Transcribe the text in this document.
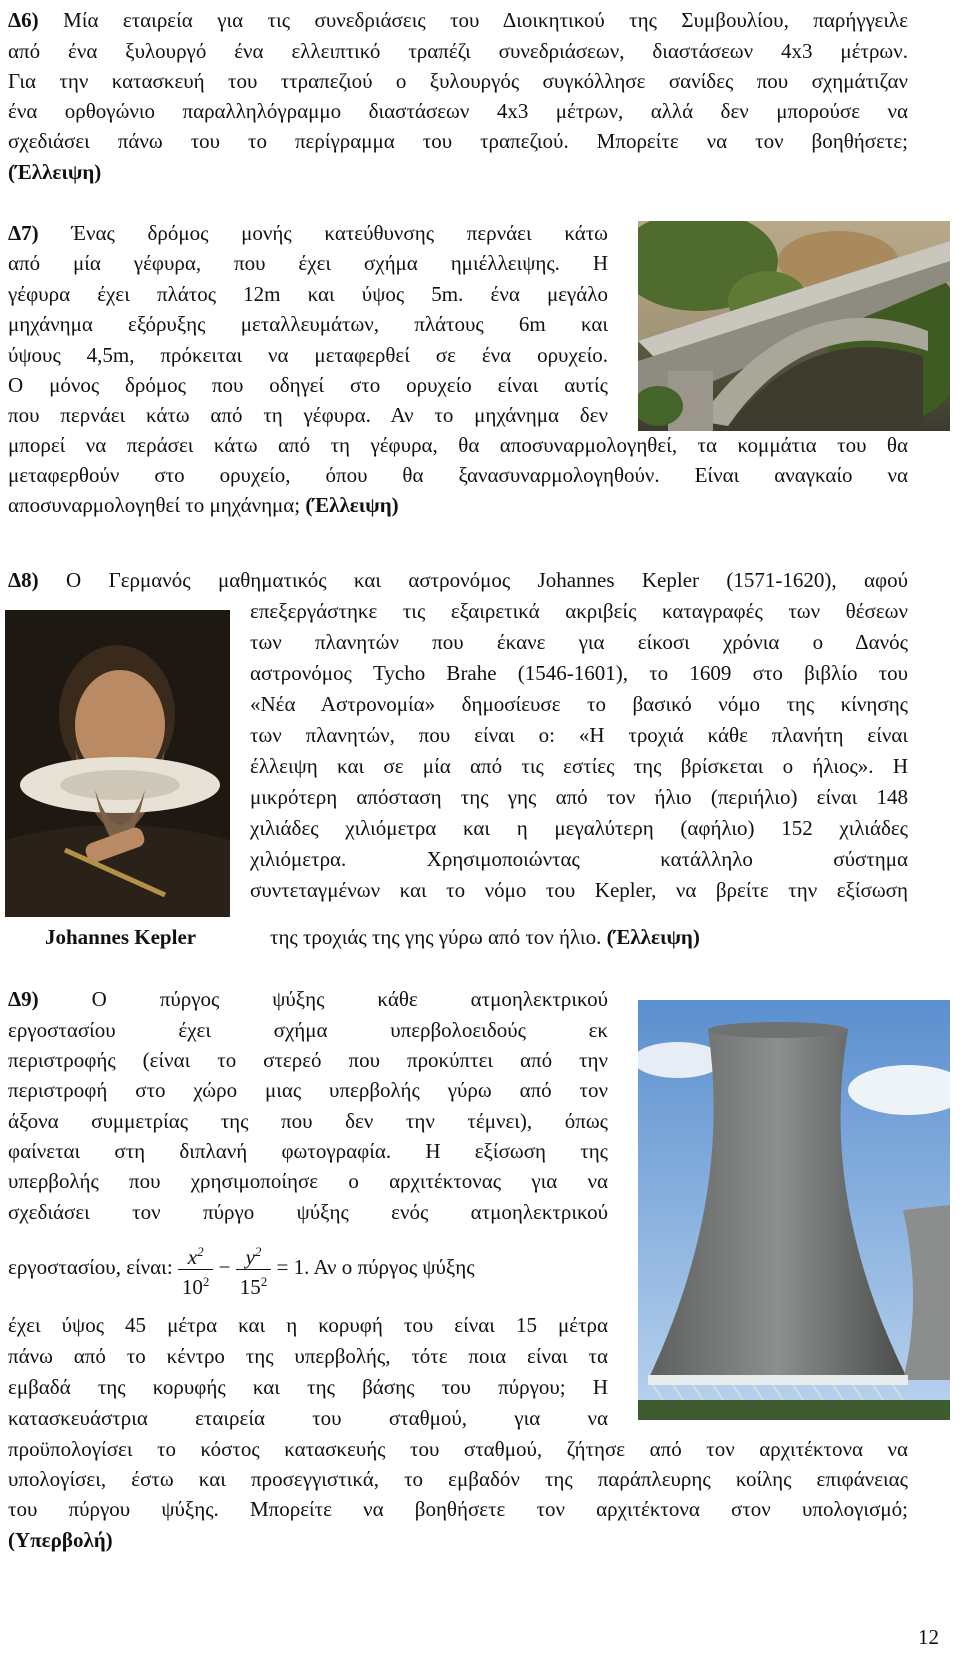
Δ6) Μία εταιρεία για τις συνεδριάσεις του Διοικητικού της Συμβουλίου, παρήγγειλε
από ένα ξυλουργό ένα ελλειπτικό τραπέζι συνεδριάσεων, διαστάσεων 4x3 μέτρων.
Για την κατασκευή του ττραπεζιού ο ξυλουργός συγκόλλησε σανίδες που σχημάτιζαν
ένα ορθογώνιο παραλληλόγραμμο διαστάσεων 4x3 μέτρων, αλλά δεν μπορούσε να
σχεδιάσει πάνω του το περίγραμμα του τραπεζιού. Μπορείτε να τον βοηθήσετε;
(Έλλειψη)
Δ7) Ένας δρόμος μονής κατεύθυνσης περνάει κάτω
από μία γέφυρα, που έχει σχήμα ημιέλλειψης. Η
γέφυρα έχει πλάτος 12m και ύψος 5m. ένα μεγάλο
μηχάνημα εξόρυξης μεταλλευμάτων, πλάτους 6m και
ύψους 4,5m, πρόκειται να μεταφερθεί σε ένα ορυχείο.
Ο μόνος δρόμος που οδηγεί στο ορυχείο είναι αυτίς
που περνάει κάτω από τη γέφυρα. Αν το μηχάνημα δεν
μπορεί να περάσει κάτω από τη γέφυρα, θα αποσυναρμολογηθεί, τα κομμάτια του θα
μεταφερθούν στο ορυχείο, όπου θα ξανασυναρμολογηθούν. Είναι αναγκαίο να
αποσυναρμολογηθεί το μηχάνημα; (Έλλειψη)
Δ8) Ο Γερμανός μαθηματικός και αστρονόμος Johannes Kepler (1571-1620), αφού
επεξεργάστηκε τις εξαιρετικά ακριβείς καταγραφές των θέσεων
των πλανητών που έκανε για είκοσι χρόνια ο Δανός
αστρονόμος Tycho Brahe (1546-1601), το 1609 στο βιβλίο του
«Νέα Αστρονομία» δημοσίευσε το βασικό νόμο της κίνησης
των πλανητών, που είναι ο: «Η τροχιά κάθε πλανήτη είναι
έλλειψη και σε μία από τις εστίες της βρίσκεται ο ήλιος». Η
μικρότερη απόσταση της γης από τον ήλιο (περιήλιο) είναι 148
χιλιάδες χιλιόμετρα και η μεγαλύτερη (αφήλιο) 152 χιλιάδες
χιλιόμετρα. Χρησιμοποιώντας κατάλληλο σύστημα
συντεταγμένων και το νόμο του Kepler, να βρείτε την εξίσωση
της τροχιάς της γης γύρω από τον ήλιο. (Έλλειψη)
Johannes Kepler
Δ9)	Ο πύργος ψύξης κάθε ατμοηλεκτρικού
εργοστασίου έχει σχήμα υπερβολοειδούς εκ
περιστροφής (είναι το στερεό που προκύπτει από την
περιστροφή στο χώρο μιας υπερβολής γύρω από τον
άξονα συμμετρίας της που δεν την τέμνει), όπως
φαίνεται στη διπλανή φωτογραφία. Η εξίσωση της
υπερβολής που χρησιμοποίησε ο αρχιτέκτονας για να
σχεδιάσει τον πύργο ψύξης ενός ατμοηλεκτρικού
εργοστασίου, είναι: $\frac{x^2}{10^2} - \frac{y^2}{15^2} = 1$. Αν ο πύργος ψύξης
έχει ύψος 45 μέτρα και η κορυφή του είναι 15 μέτρα
πάνω από το κέντρο της υπερβολής, τότε ποια είναι τα
εμβαδά της κορυφής και της βάσης του πύργου; Η
κατασκευάστρια εταιρεία του σταθμού, για να
προϋπολογίσει το κόστος κατασκευής του σταθμού, ζήτησε από τον αρχιτέκτονα να
υπολογίσει, έστω και προσεγγιστικά, το εμβαδόν της παράπλευρης κοίλης επιφάνειας
του πύργου ψύξης. Μπορείτε να βοηθήσετε τον αρχιτέκτονα στον υπολογισμό;
(Υπερβολή)
12
